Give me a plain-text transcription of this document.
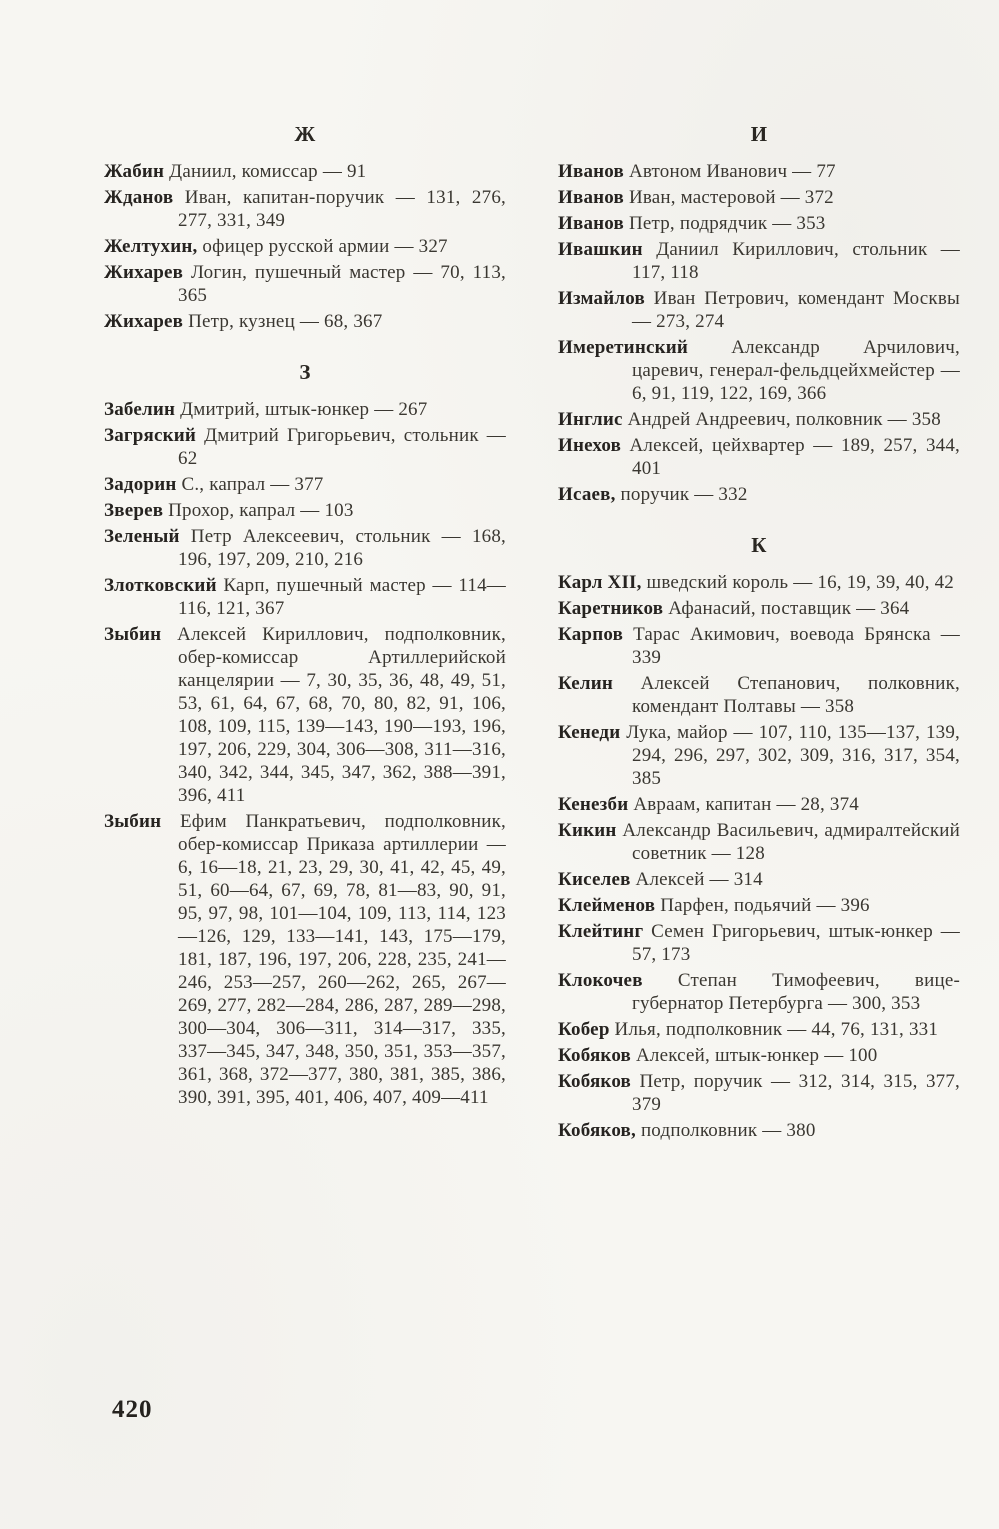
Ж

Жабин Даниил, комиссар — 91

Жданов Иван, капитан-поручик — 131, 276, 277, 331, 349

Желтухин, офицер русской армии — 327

Жихарев Логин, пушечный мастер — 70, 113, 365

Жихарев Петр, кузнец — 68, 367

З

Забелин Дмитрий, штык-юнкер — 267

Загряский Дмитрий Григорьевич, стольник — 62

Задорин С., капрал — 377

Зверев Прохор, капрал — 103

Зеленый Петр Алексеевич, стольник — 168, 196, 197, 209, 210, 216

Злотковский Карп, пушечный мастер — 114—116, 121, 367

Зыбин Алексей Кириллович, подполковник, обер-комиссар Артиллерийской канцелярии — 7, 30, 35, 36, 48, 49, 51, 53, 61, 64, 67, 68, 70, 80, 82, 91, 106, 108, 109, 115, 139—143, 190—193, 196, 197, 206, 229, 304, 306—308, 311—316, 340, 342, 344, 345, 347, 362, 388—391, 396, 411

Зыбин Ефим Панкратьевич, подполковник, обер-комиссар Приказа артиллерии — 6, 16—18, 21, 23, 29, 30, 41, 42, 45, 49, 51, 60—64, 67, 69, 78, 81—83, 90, 91, 95, 97, 98, 101—104, 109, 113, 114, 123—126, 129, 133—141, 143, 175—179, 181, 187, 196, 197, 206, 228, 235, 241—246, 253—257, 260—262, 265, 267—269, 277, 282—284, 286, 287, 289—298, 300—304, 306—311, 314—317, 335, 337—345, 347, 348, 350, 351, 353—357, 361, 368, 372—377, 380, 381, 385, 386, 390, 391, 395, 401, 406, 407, 409—411

И

Иванов Автоном Иванович — 77

Иванов Иван, мастеровой — 372

Иванов Петр, подрядчик — 353

Ивашкин Даниил Кириллович, стольник — 117, 118

Измайлов Иван Петрович, комендант Москвы — 273, 274

Имеретинский Александр Арчилович, царевич, генерал-фельдцейхмейстер — 6, 91, 119, 122, 169, 366

Инглис Андрей Андреевич, полковник — 358

Инехов Алексей, цейхвартер — 189, 257, 344, 401

Исаев, поручик — 332

К

Карл XII, шведский король — 16, 19, 39, 40, 42

Каретников Афанасий, поставщик — 364

Карпов Тарас Акимович, воевода Брянска — 339

Келин Алексей Степанович, полковник, комендант Полтавы — 358

Кенеди Лука, майор — 107, 110, 135—137, 139, 294, 296, 297, 302, 309, 316, 317, 354, 385

Кенезби Авраам, капитан — 28, 374

Кикин Александр Васильевич, адмиралтейский советник — 128

Киселев Алексей — 314

Клейменов Парфен, подьячий — 396

Клейтинг Семен Григорьевич, штык-юнкер — 57, 173

Клокочев Степан Тимофеевич, вице-губернатор Петербурга — 300, 353

Кобер Илья, подполковник — 44, 76, 131, 331

Кобяков Алексей, штык-юнкер — 100

Кобяков Петр, поручик — 312, 314, 315, 377, 379

Кобяков, подполковник — 380

420
